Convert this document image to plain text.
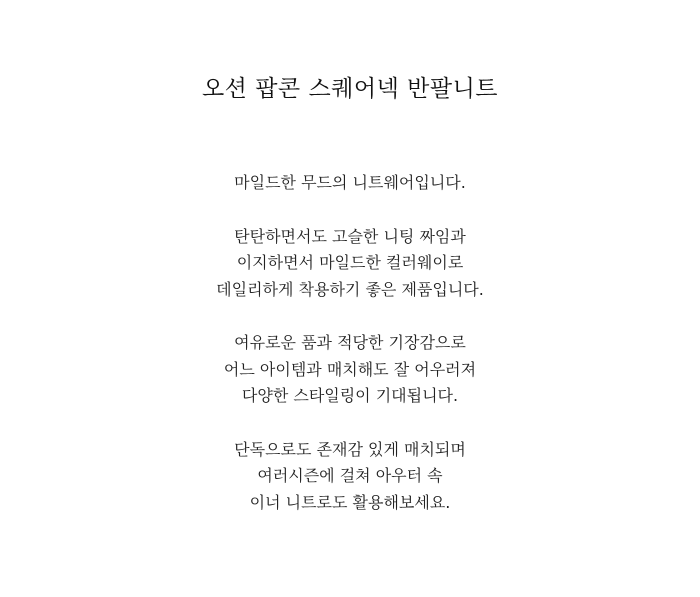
오션 팝콘 스퀘어넥 반팔니트
마일드한 무드의 니트웨어입니다.
탄탄하면서도 고슬한 니팅 짜임과
이지하면서 마일드한 컬러웨이로
데일리하게 착용하기 좋은 제품입니다.
여유로운 품과 적당한 기장감으로
어느 아이템과 매치해도 잘 어우러져
다양한 스타일링이 기대됩니다.
단독으로도 존재감 있게 매치되며
여러시즌에 걸쳐 아우터 속
이너 니트로도 활용해보세요.
